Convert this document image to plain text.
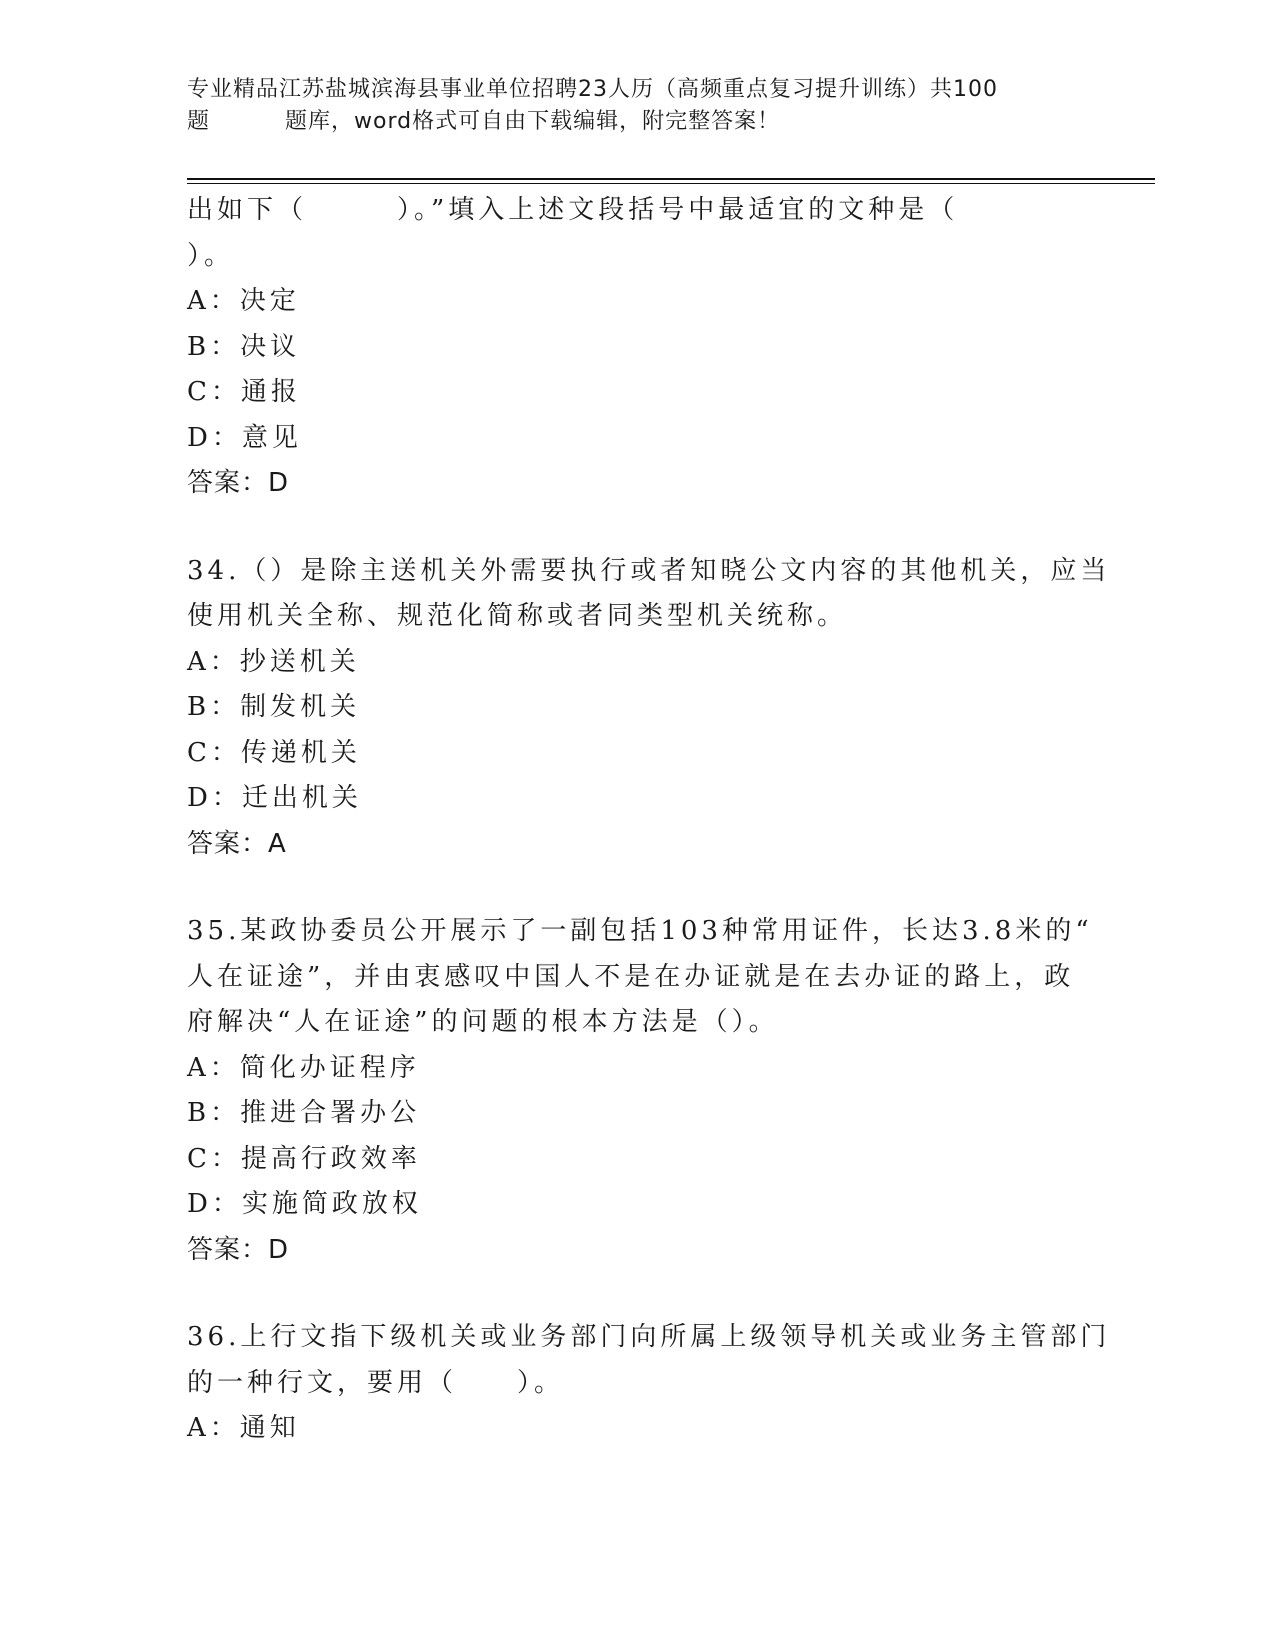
专业精品江苏盐城滨海县事业单位招聘23人历（高频重点复习提升训练）共100
题	题库，word格式可自由下载编辑，附完整答案！
出如下（　　　）。”填入上述文段括号中最适宜的文种是（
）。
A：决定
B：决议
C：通报
D：意见
答案：D
34.（）是除主送机关外需要执行或者知晓公文内容的其他机关，应当
使用机关全称、规范化简称或者同类型机关统称。
A：抄送机关
B：制发机关
C：传递机关
D：迁出机关
答案：A
35.某政协委员公开展示了一副包括103种常用证件，长达3.8米的“
人在证途”，并由衷感叹中国人不是在办证就是在去办证的路上，政
府解决“人在证途”的问题的根本方法是（）。
A：简化办证程序
B：推进合署办公
C：提高行政效率
D：实施简政放权
答案：D
36.上行文指下级机关或业务部门向所属上级领导机关或业务主管部门
的一种行文，要用（　　）。
A：通知
